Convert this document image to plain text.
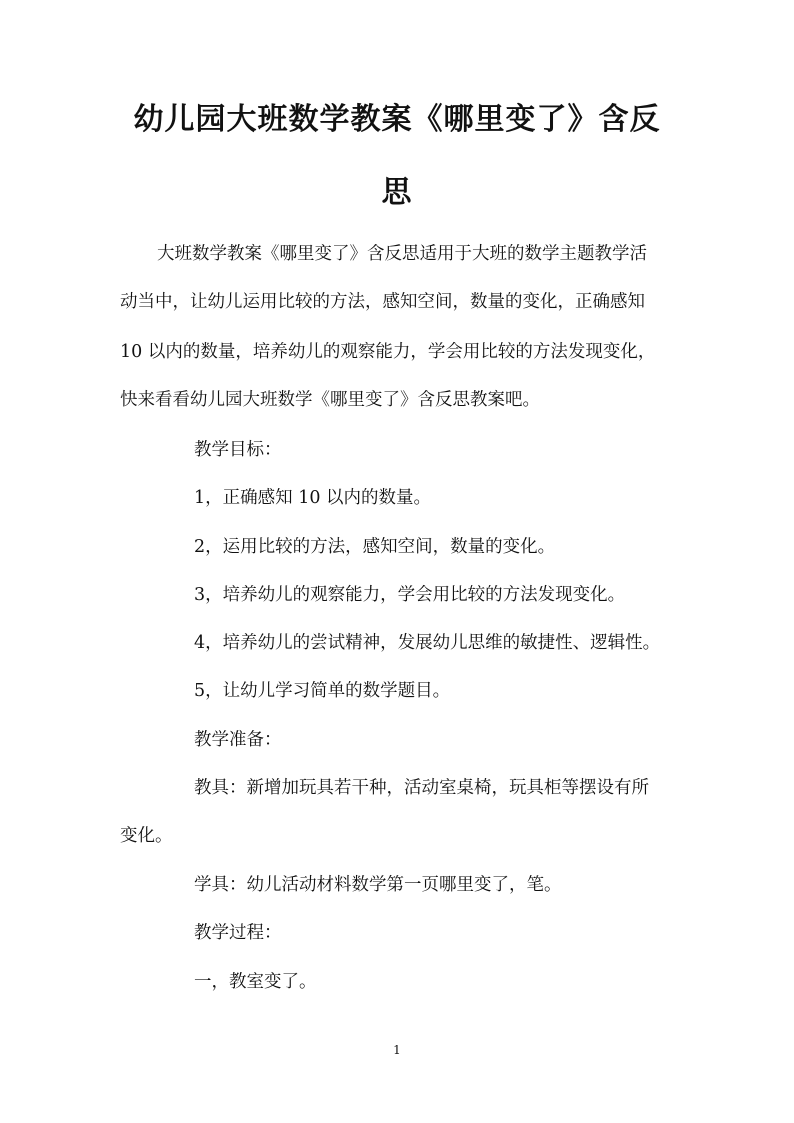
幼儿园大班数学教案《哪里变了》含反
思

大班数学教案《哪里变了》含反思适用于大班的数学主题教学活

动当中，让幼儿运用比较的方法，感知空间，数量的变化，正确感知

10 以内的数量，培养幼儿的观察能力，学会用比较的方法发现变化，

快来看看幼儿园大班数学《哪里变了》含反思教案吧。

教学目标：

1，正确感知 10 以内的数量。

2，运用比较的方法，感知空间，数量的变化。

3，培养幼儿的观察能力，学会用比较的方法发现变化。

4，培养幼儿的尝试精神，发展幼儿思维的敏捷性、逻辑性。

5，让幼儿学习简单的数学题目。

教学准备：

教具：新增加玩具若干种，活动室桌椅，玩具柜等摆设有所

变化。

学具：幼儿活动材料数学第一页哪里变了，笔。

教学过程：

一，教室变了。

1
